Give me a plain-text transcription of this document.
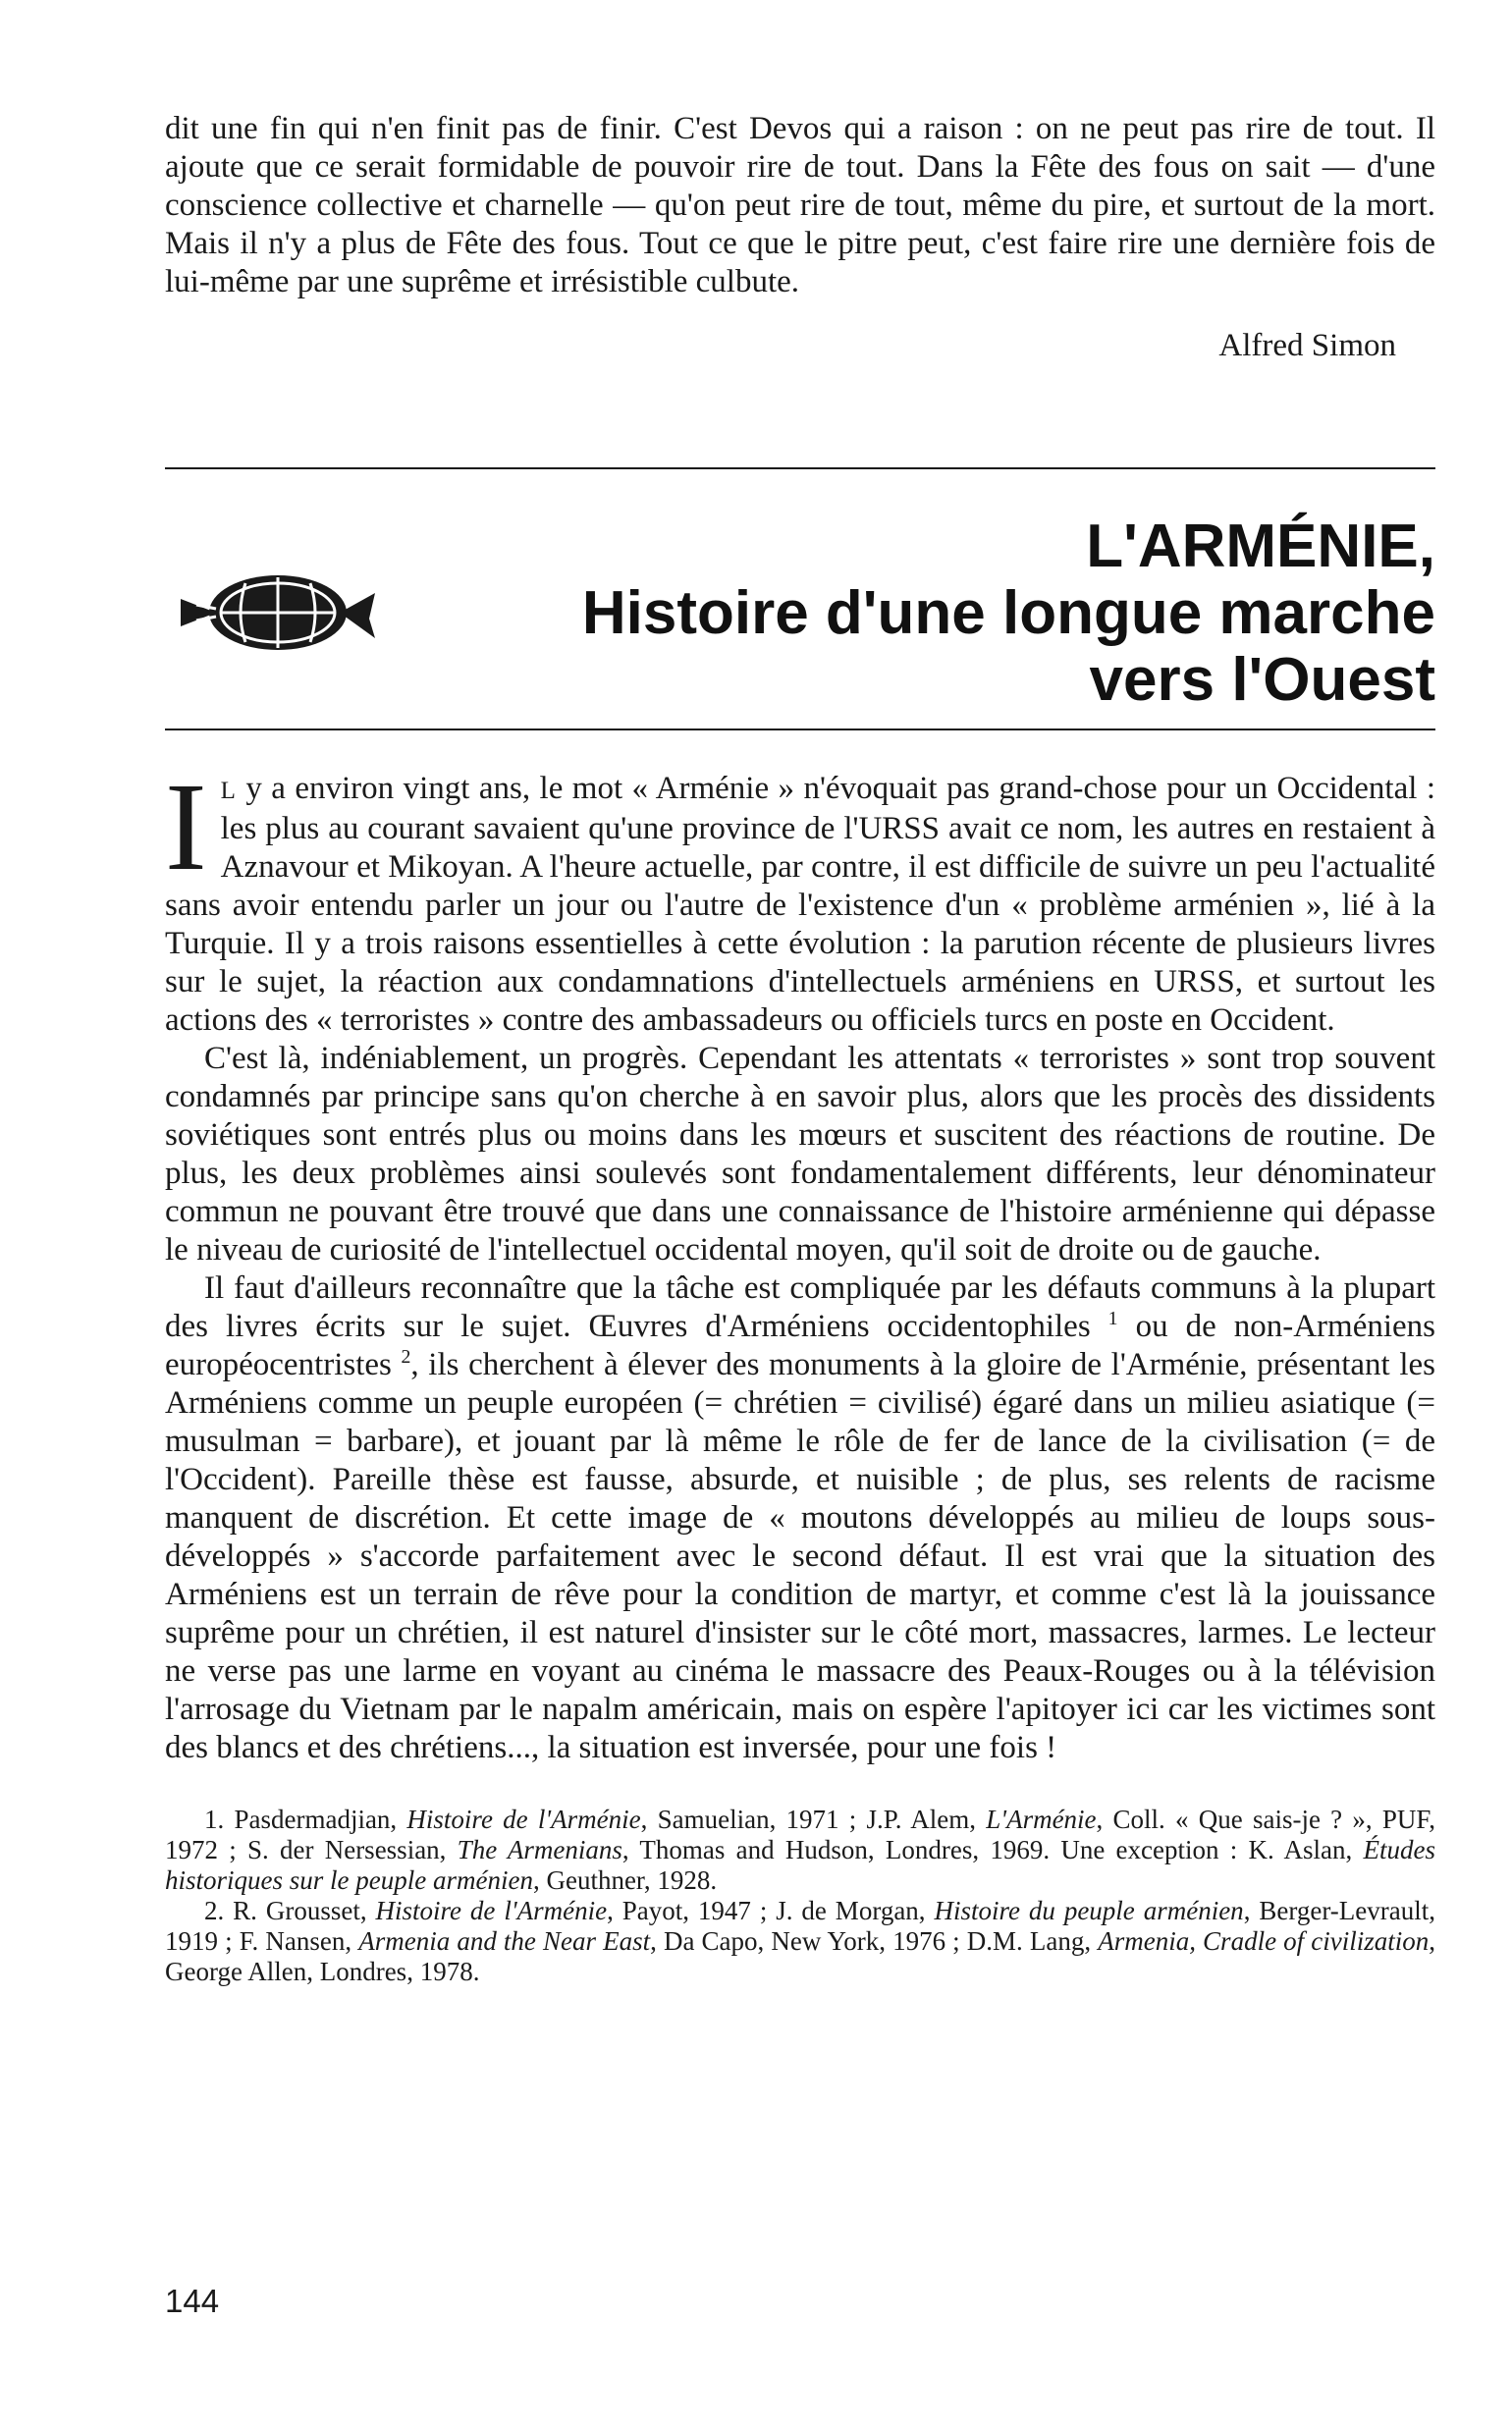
dit une fin qui n'en finit pas de finir. C'est Devos qui a raison : on ne peut pas rire de tout. Il ajoute que ce serait formidable de pouvoir rire de tout. Dans la Fête des fous on sait — d'une conscience collective et charnelle — qu'on peut rire de tout, même du pire, et surtout de la mort. Mais il n'y a plus de Fête des fous. Tout ce que le pitre peut, c'est faire rire une dernière fois de lui-même par une suprême et irrésistible culbute.

Alfred Simon

L'ARMÉNIE,
Histoire d'une longue marche
vers l'Ouest

I L y a environ vingt ans, le mot « Arménie » n'évoquait pas grand-chose pour un Occidental : les plus au courant savaient qu'une province de l'URSS avait ce nom, les autres en restaient à Aznavour et Mikoyan. A l'heure actuelle, par contre, il est difficile de suivre un peu l'actualité sans avoir entendu parler un jour ou l'autre de l'existence d'un « problème arménien », lié à la Turquie. Il y a trois raisons essentielles à cette évolution : la parution récente de plusieurs livres sur le sujet, la réaction aux condamnations d'intellectuels arméniens en URSS, et surtout les actions des « terroristes » contre des ambassadeurs ou officiels turcs en poste en Occident.

C'est là, indéniablement, un progrès. Cependant les attentats « terroristes » sont trop souvent condamnés par principe sans qu'on cherche à en savoir plus, alors que les procès des dissidents soviétiques sont entrés plus ou moins dans les mœurs et suscitent des réactions de routine. De plus, les deux problèmes ainsi soulevés sont fondamentalement différents, leur dénominateur commun ne pouvant être trouvé que dans une connaissance de l'histoire arménienne qui dépasse le niveau de curiosité de l'intellectuel occidental moyen, qu'il soit de droite ou de gauche.

Il faut d'ailleurs reconnaître que la tâche est compliquée par les défauts communs à la plupart des livres écrits sur le sujet. Œuvres d'Arméniens occidentophiles $^1$ ou de non-Arméniens européocentristes $^2$, ils cherchent à élever des monuments à la gloire de l'Arménie, présentant les Arméniens comme un peuple européen (= chrétien = civilisé) égaré dans un milieu asiatique (= musulman = barbare), et jouant par là même le rôle de fer de lance de la civilisation (= de l'Occident). Pareille thèse est fausse, absurde, et nuisible ; de plus, ses relents de racisme manquent de discrétion. Et cette image de « moutons développés au milieu de loups sous-développés » s'accorde parfaitement avec le second défaut. Il est vrai que la situation des Arméniens est un terrain de rêve pour la condition de martyr, et comme c'est là la jouissance suprême pour un chrétien, il est naturel d'insister sur le côté mort, massacres, larmes. Le lecteur ne verse pas une larme en voyant au cinéma le massacre des Peaux-Rouges ou à la télévision l'arrosage du Vietnam par le napalm américain, mais on espère l'apitoyer ici car les victimes sont des blancs et des chrétiens..., la situation est inversée, pour une fois !

1. Pasdermadjian, Histoire de l'Arménie, Samuelian, 1971 ; J.P. Alem, L'Arménie, Coll. « Que sais-je ? », PUF, 1972 ; S. der Nersessian, The Armenians, Thomas and Hudson, Londres, 1969. Une exception : K. Aslan, Études historiques sur le peuple arménien, Geuthner, 1928.

2. R. Grousset, Histoire de l'Arménie, Payot, 1947 ; J. de Morgan, Histoire du peuple arménien, Berger-Levrault, 1919 ; F. Nansen, Armenia and the Near East, Da Capo, New York, 1976 ; D.M. Lang, Armenia, Cradle of civilization, George Allen, Londres, 1978.

144
